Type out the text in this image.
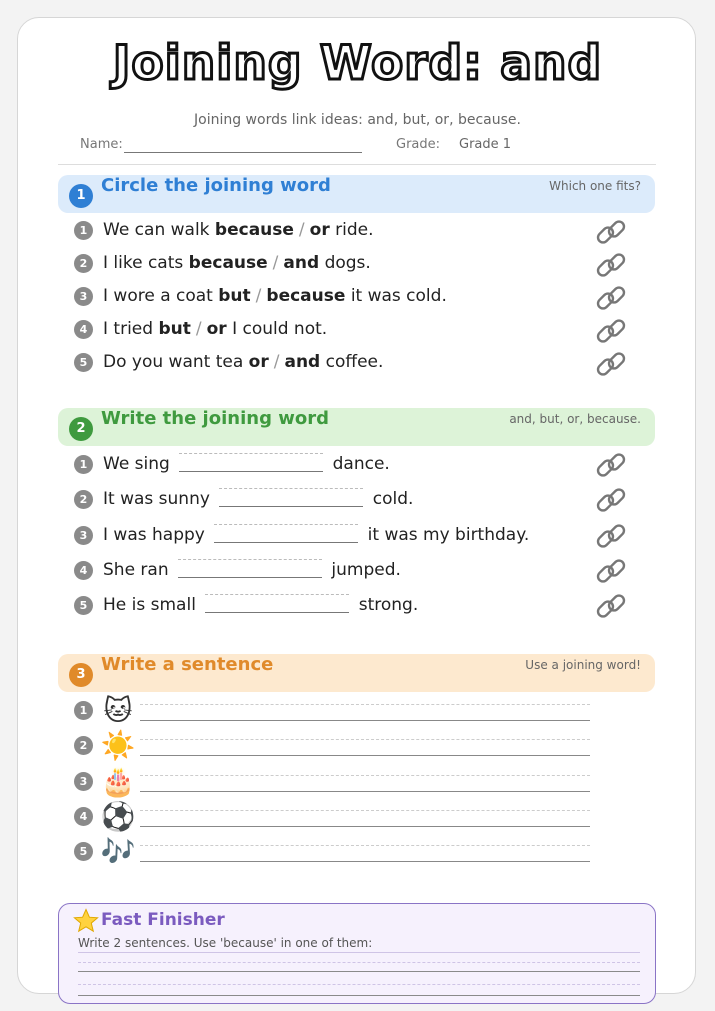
Joining Word: and
Joining words link ideas: and, but, or, because.
Name:	Grade: Grade 1
1 Circle the joining word	Which one fits?
1 We can walk because / or ride.
2 I like cats because / and dogs.
3 I wore a coat but / because it was cold.
4 I tried but / or I could not.
5 Do you want tea or / and coffee.
2 Write the joining word	and, but, or, because.
1 We sing	dance.
2 It was sunny	cold.
3 I was happy	it was my birthday.
4 She ran	jumped.
5 He is small	strong.
3 Write a sentence	Use a joining word!
1 🐱
2 ☀️
3 🎂
4 ⚽
5 🎶
Fast Finisher
Write 2 sentences. Use 'because' in one of them:
